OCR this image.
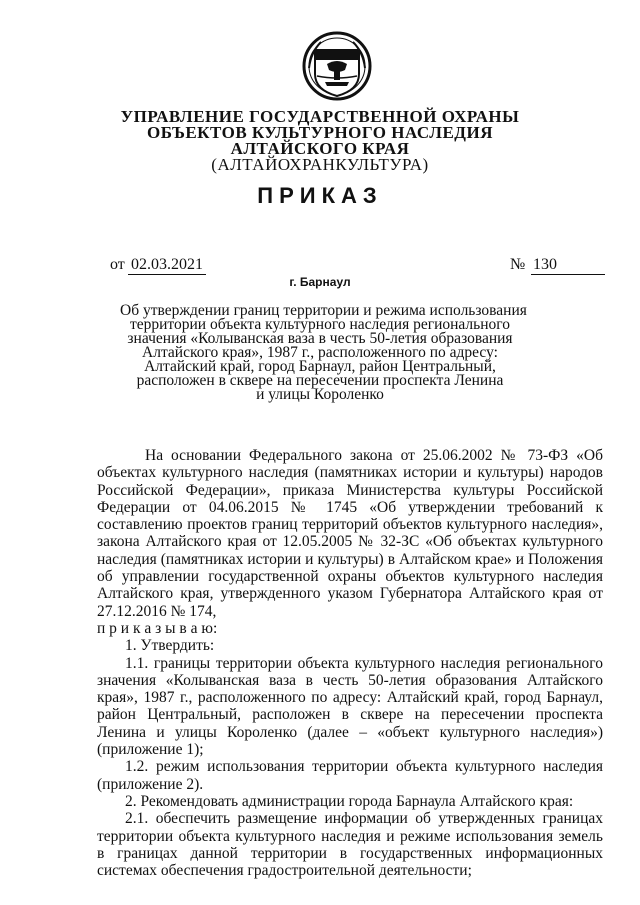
УПРАВЛЕНИЕ ГОСУДАРСТВЕННОЙ ОХРАНЫ
ОБЪЕКТОВ КУЛЬТУРНОГО НАСЛЕДИЯ
АЛТАЙСКОГО КРАЯ
(АЛТАЙОХРАНКУЛЬТУРА)
ПРИКАЗ
от 02.03.2021	№ 130
г. Барнаул
Об утверждении границ территории и режима использования
территории объекта культурного наследия регионального
значения «Колыванская ваза в честь 50-летия образования
Алтайского края», 1987 г., расположенного по адресу:
Алтайский край, город Барнаул, район Центральный,
расположен в сквере на пересечении проспекта Ленина
и улицы Короленко

На основании Федерального закона от 25.06.2002 № 73-ФЗ «Об объектах культурного наследия (памятниках истории и культуры) народов Российской Федерации», приказа Министерства культуры Российской Федерации от 04.06.2015 № 1745 «Об утверждении требований к составлению проектов границ территорий объектов культурного наследия», закона Алтайского края от 12.05.2005 № 32-ЗС «Об объектах культурного наследия (памятниках истории и культуры) в Алтайском крае» и Положения об управлении государственной охраны объектов культурного наследия Алтайского края, утвержденного указом Губернатора Алтайского края от 27.12.2016 № 174,

п р и к а з ы в а ю:

1. Утвердить:

1.1. границы территории объекта культурного наследия регионального значения «Колыванская ваза в честь 50-летия образования Алтайского края», 1987 г., расположенного по адресу: Алтайский край, город Барнаул, район Центральный, расположен в сквере на пересечении проспекта Ленина и улицы Короленко (далее – «объект культурного наследия») (приложение 1);

1.2. режим использования территории объекта культурного наследия (приложение 2).

2. Рекомендовать администрации города Барнаула Алтайского края:

2.1. обеспечить размещение информации об утвержденных границах территории объекта культурного наследия и режиме использования земель в границах данной территории в государственных информационных системах обеспечения градостроительной деятельности;
